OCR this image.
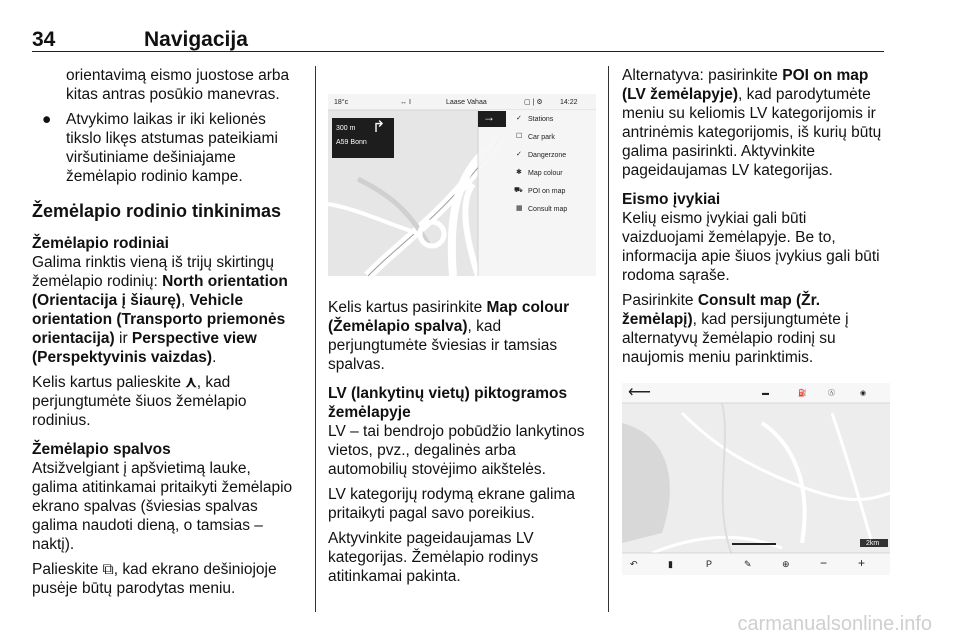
34	Navigacija

orientavimą eismo juostose arba kitas antras posūkio manevras.

● Atvykimo laikas ir iki kelionės tikslo likęs atstumas pateikiami viršutiniame dešiniajame žemėlapio rodinio kampe.
Žemėlapio rodinio tinkinimas
Žemėlapio rodiniai

Galima rinktis vieną iš trijų skirtingų žemėlapio rodinių: North orientation (Orientacija į šiaurę), Vehicle orientation (Transporto priemonės orientacija) ir Perspective view (Perspektyvinis vaizdas).

Kelis kartus palieskite ⋏, kad perjungtumėte šiuos žemėlapio rodinius.

Žemėlapio spalvos

Atsižvelgiant į apšvietimą lauke, galima atitinkamai pritaikyti žemėlapio ekrano spalvas (šviesias spalvas galima naudoti dieną, o tamsias – naktį).

Palieskite ⧉, kad ekrano dešiniojoje pusėje būtų parodytas meniu.

18°c	↔ I	Laase Vahaa	▢ | ⚙ 14:22
300 m
A59 Bonn
↱
→	✓ Stations
☐ Car park
✓ Dangerzone
✱ Map colour
⛟ POI on map
▦ Consult map

Kelis kartus pasirinkite Map colour (Žemėlapio spalva), kad perjungtumėte šviesias ir tamsias spalvas.

LV (lankytinų vietų) piktogramos žemėlapyje

LV – tai bendrojo pobūdžio lankytinos vietos, pvz., degalinės arba automobilių stovėjimo aikštelės.

LV kategorijų rodymą ekrane galima pritaikyti pagal savo poreikius.

Aktyvinkite pageidaujamas LV kategorijas. Žemėlapio rodinys atitinkamai pakinta.

Alternatyva: pasirinkite POI on map (LV žemėlapyje), kad parodytumėte meniu su keliomis LV kategorijomis ir antrinėmis kategorijomis, iš kurių būtų galima pasirinkti. Aktyvinkite pageidaujamas LV kategorijas.

Eismo įvykiai

Kelių eismo įvykiai gali būti vaizduojami žemėlapyje. Be to, informacija apie šiuos įvykius gali būti rodoma sąraše.

Pasirinkite Consult map (Žr. žemėlapį), kad persijungtumėte į alternatyvų žemėlapio rodinį su naujomis meniu parinktimis.

⟵	▬	⛽	Ⓐ	◉
2km
↶	▮	P	✎	⊕	−	+
carmanualsonline.info
